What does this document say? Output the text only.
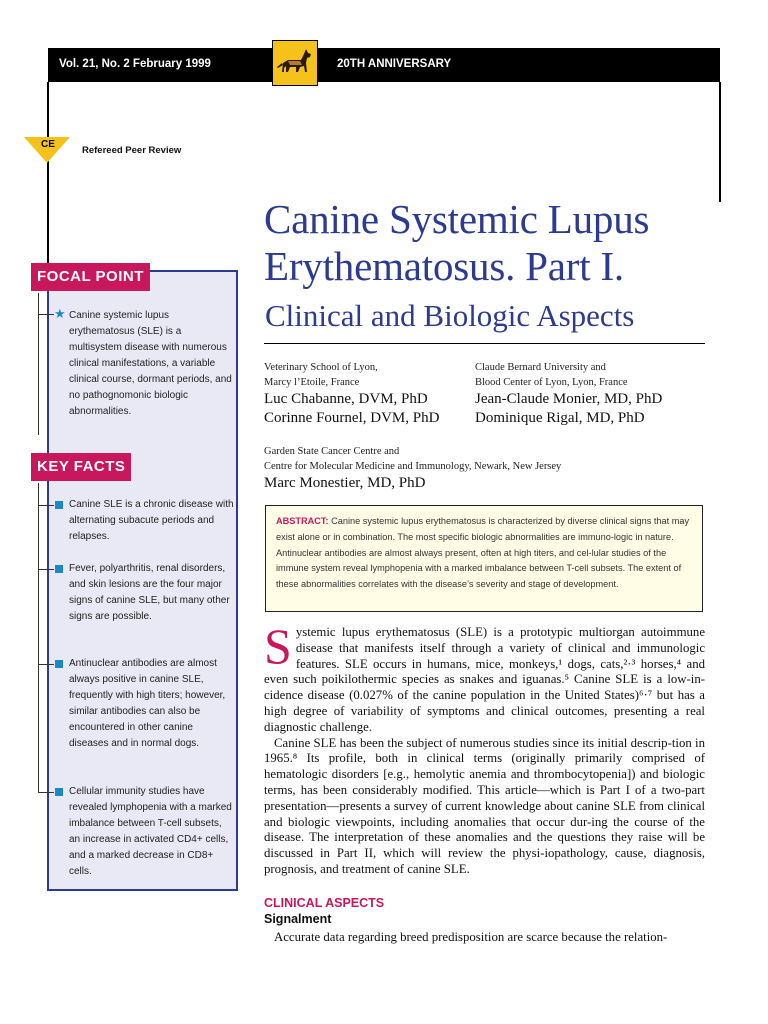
Vol. 21, No. 2 February 1999	20TH ANNIVERSARY
CE
Refereed Peer Review
Canine Systemic Lupus
Erythematosus. Part I.
Clinical and Biologic Aspects
Veterinary School of Lyon,
Marcy l’Etoile, France
Luc Chabanne, DVM, PhD
Corinne Fournel, DVM, PhD
Claude Bernard University and
Blood Center of Lyon, Lyon, France
Jean-Claude Monier, MD, PhD
Dominique Rigal, MD, PhD
Garden State Cancer Centre and
Centre for Molecular Medicine and Immunology, Newark, New Jersey
Marc Monestier, MD, PhD
ABSTRACT: Canine systemic lupus erythematosus is characterized by diverse clinical signs that may exist alone or in combination. The most specific biologic abnormalities are immuno-logic in nature. Antinuclear antibodies are almost always present, often at high titers, and cel-lular studies of the immune system reveal lymphopenia with a marked imbalance between T-cell subsets. The extent of these abnormalities correlates with the disease’s severity and stage of development.

Systemic lupus erythematosus (SLE) is a prototypic multiorgan autoimmune disease that manifests itself through a variety of clinical and immunologic features. SLE occurs in humans, mice, monkeys,¹ dogs, cats,²·³ horses,⁴ and even such poikilothermic species as snakes and iguanas.⁵ Canine SLE is a low-in-cidence disease (0.027% of the canine population in the United States)⁶·⁷ but has a high degree of variability of symptoms and clinical outcomes, presenting a real diagnostic challenge.

Canine SLE has been the subject of numerous studies since its initial descrip-tion in 1965.⁸ Its profile, both in clinical terms (originally primarily comprised of hematologic disorders [e.g., hemolytic anemia and thrombocytopenia]) and biologic terms, has been considerably modified. This article—which is Part I of a two-part presentation—presents a survey of current knowledge about canine SLE from clinical and biologic viewpoints, including anomalies that occur dur-ing the course of the disease. The interpretation of these anomalies and the questions they raise will be discussed in Part II, which will review the physi-iopathology, cause, diagnosis, prognosis, and treatment of canine SLE.

CLINICAL ASPECTS
Signalment
Accurate data regarding breed predisposition are scarce because the relation-
FOCAL POINT
KEY FACTS
★ Canine systemic lupus erythematosus (SLE) is a multisystem disease with numerous clinical manifestations, a variable clinical course, dormant periods, and no pathognomonic biologic abnormalities.
Canine SLE is a chronic disease with alternating subacute periods and relapses.
Fever, polyarthritis, renal disorders, and skin lesions are the four major signs of canine SLE, but many other signs are possible.
Antinuclear antibodies are almost always positive in canine SLE, frequently with high titers; however, similar antibodies can also be encountered in other canine diseases and in normal dogs.
Cellular immunity studies have revealed lymphopenia with a marked imbalance between T-cell subsets, an increase in activated CD4+ cells, and a marked decrease in CD8+ cells.
